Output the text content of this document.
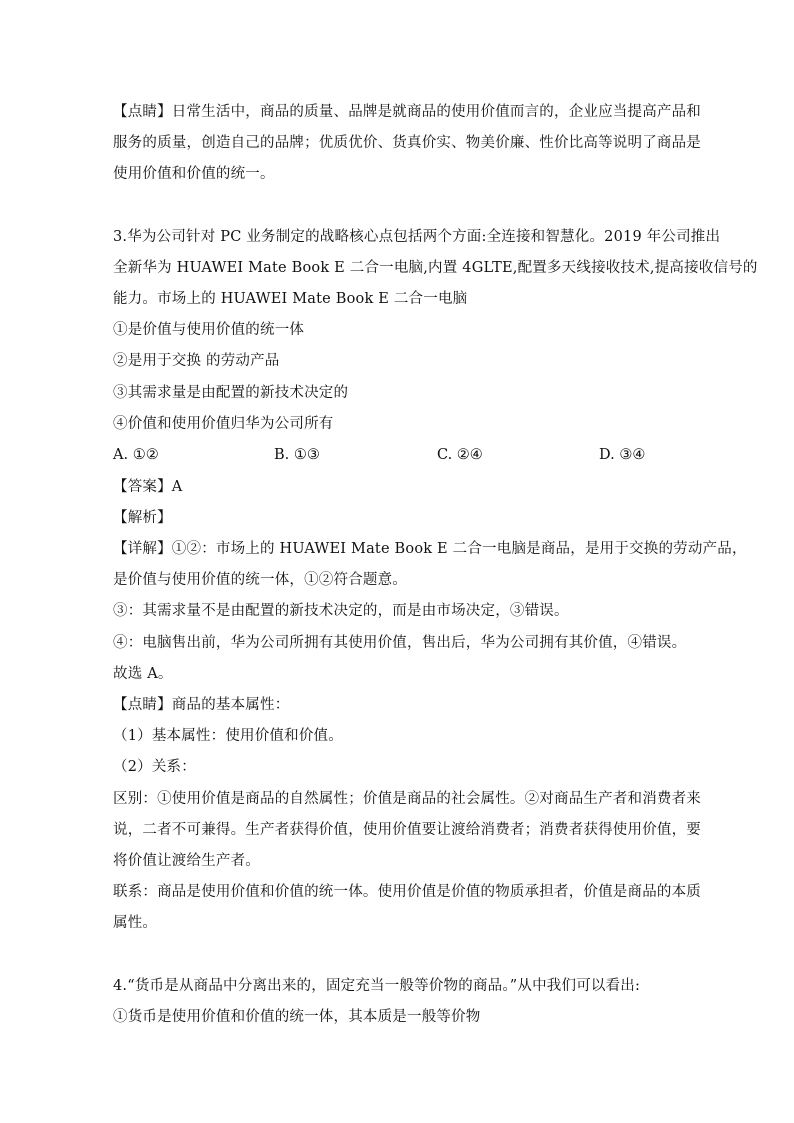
【点睛】日常生活中，商品的质量、品牌是就商品的使用价值而言的，企业应当提高产品和
服务的质量，创造自己的品牌；优质优价、货真价实、物美价廉、性价比高等说明了商品是
使用价值和价值的统一。
3.华为公司针对 PC 业务制定的战略核心点包括两个方面:全连接和智慧化。2019 年公司推出
全新华为 HUAWEI Mate Book E 二合一电脑,内置 4GLTE,配置多天线接收技术,提高接收信号的
能力。市场上的 HUAWEI Mate Book E 二合一电脑
①是价值与使用价值的统一体
②是用于交换 的劳动产品
③其需求量是由配置的新技术决定的
④价值和使用价值归华为公司所有
A. ①②	B. ①③	C. ②④	D. ③④
【答案】A
【解析】
【详解】①②：市场上的 HUAWEI Mate Book E 二合一电脑是商品，是用于交换的劳动产品，
是价值与使用价值的统一体，①②符合题意。
③：其需求量不是由配置的新技术决定的，而是由市场决定，③错误。
④：电脑售出前，华为公司所拥有其使用价值，售出后，华为公司拥有其价值，④错误。
故选 A。
【点睛】商品的基本属性：
（1）基本属性：使用价值和价值。
（2）关系：
区别：①使用价值是商品的自然属性；价值是商品的社会属性。②对商品生产者和消费者来
说，二者不可兼得。生产者获得价值，使用价值要让渡给消费者；消费者获得使用价值，要
将价值让渡给生产者。
联系：商品是使用价值和价值的统一体。使用价值是价值的物质承担者，价值是商品的本质
属性。
4.“货币是从商品中分离出来的，固定充当一般等价物的商品。”从中我们可以看出:
①货币是使用价值和价值的统一体，其本质是一般等价物
